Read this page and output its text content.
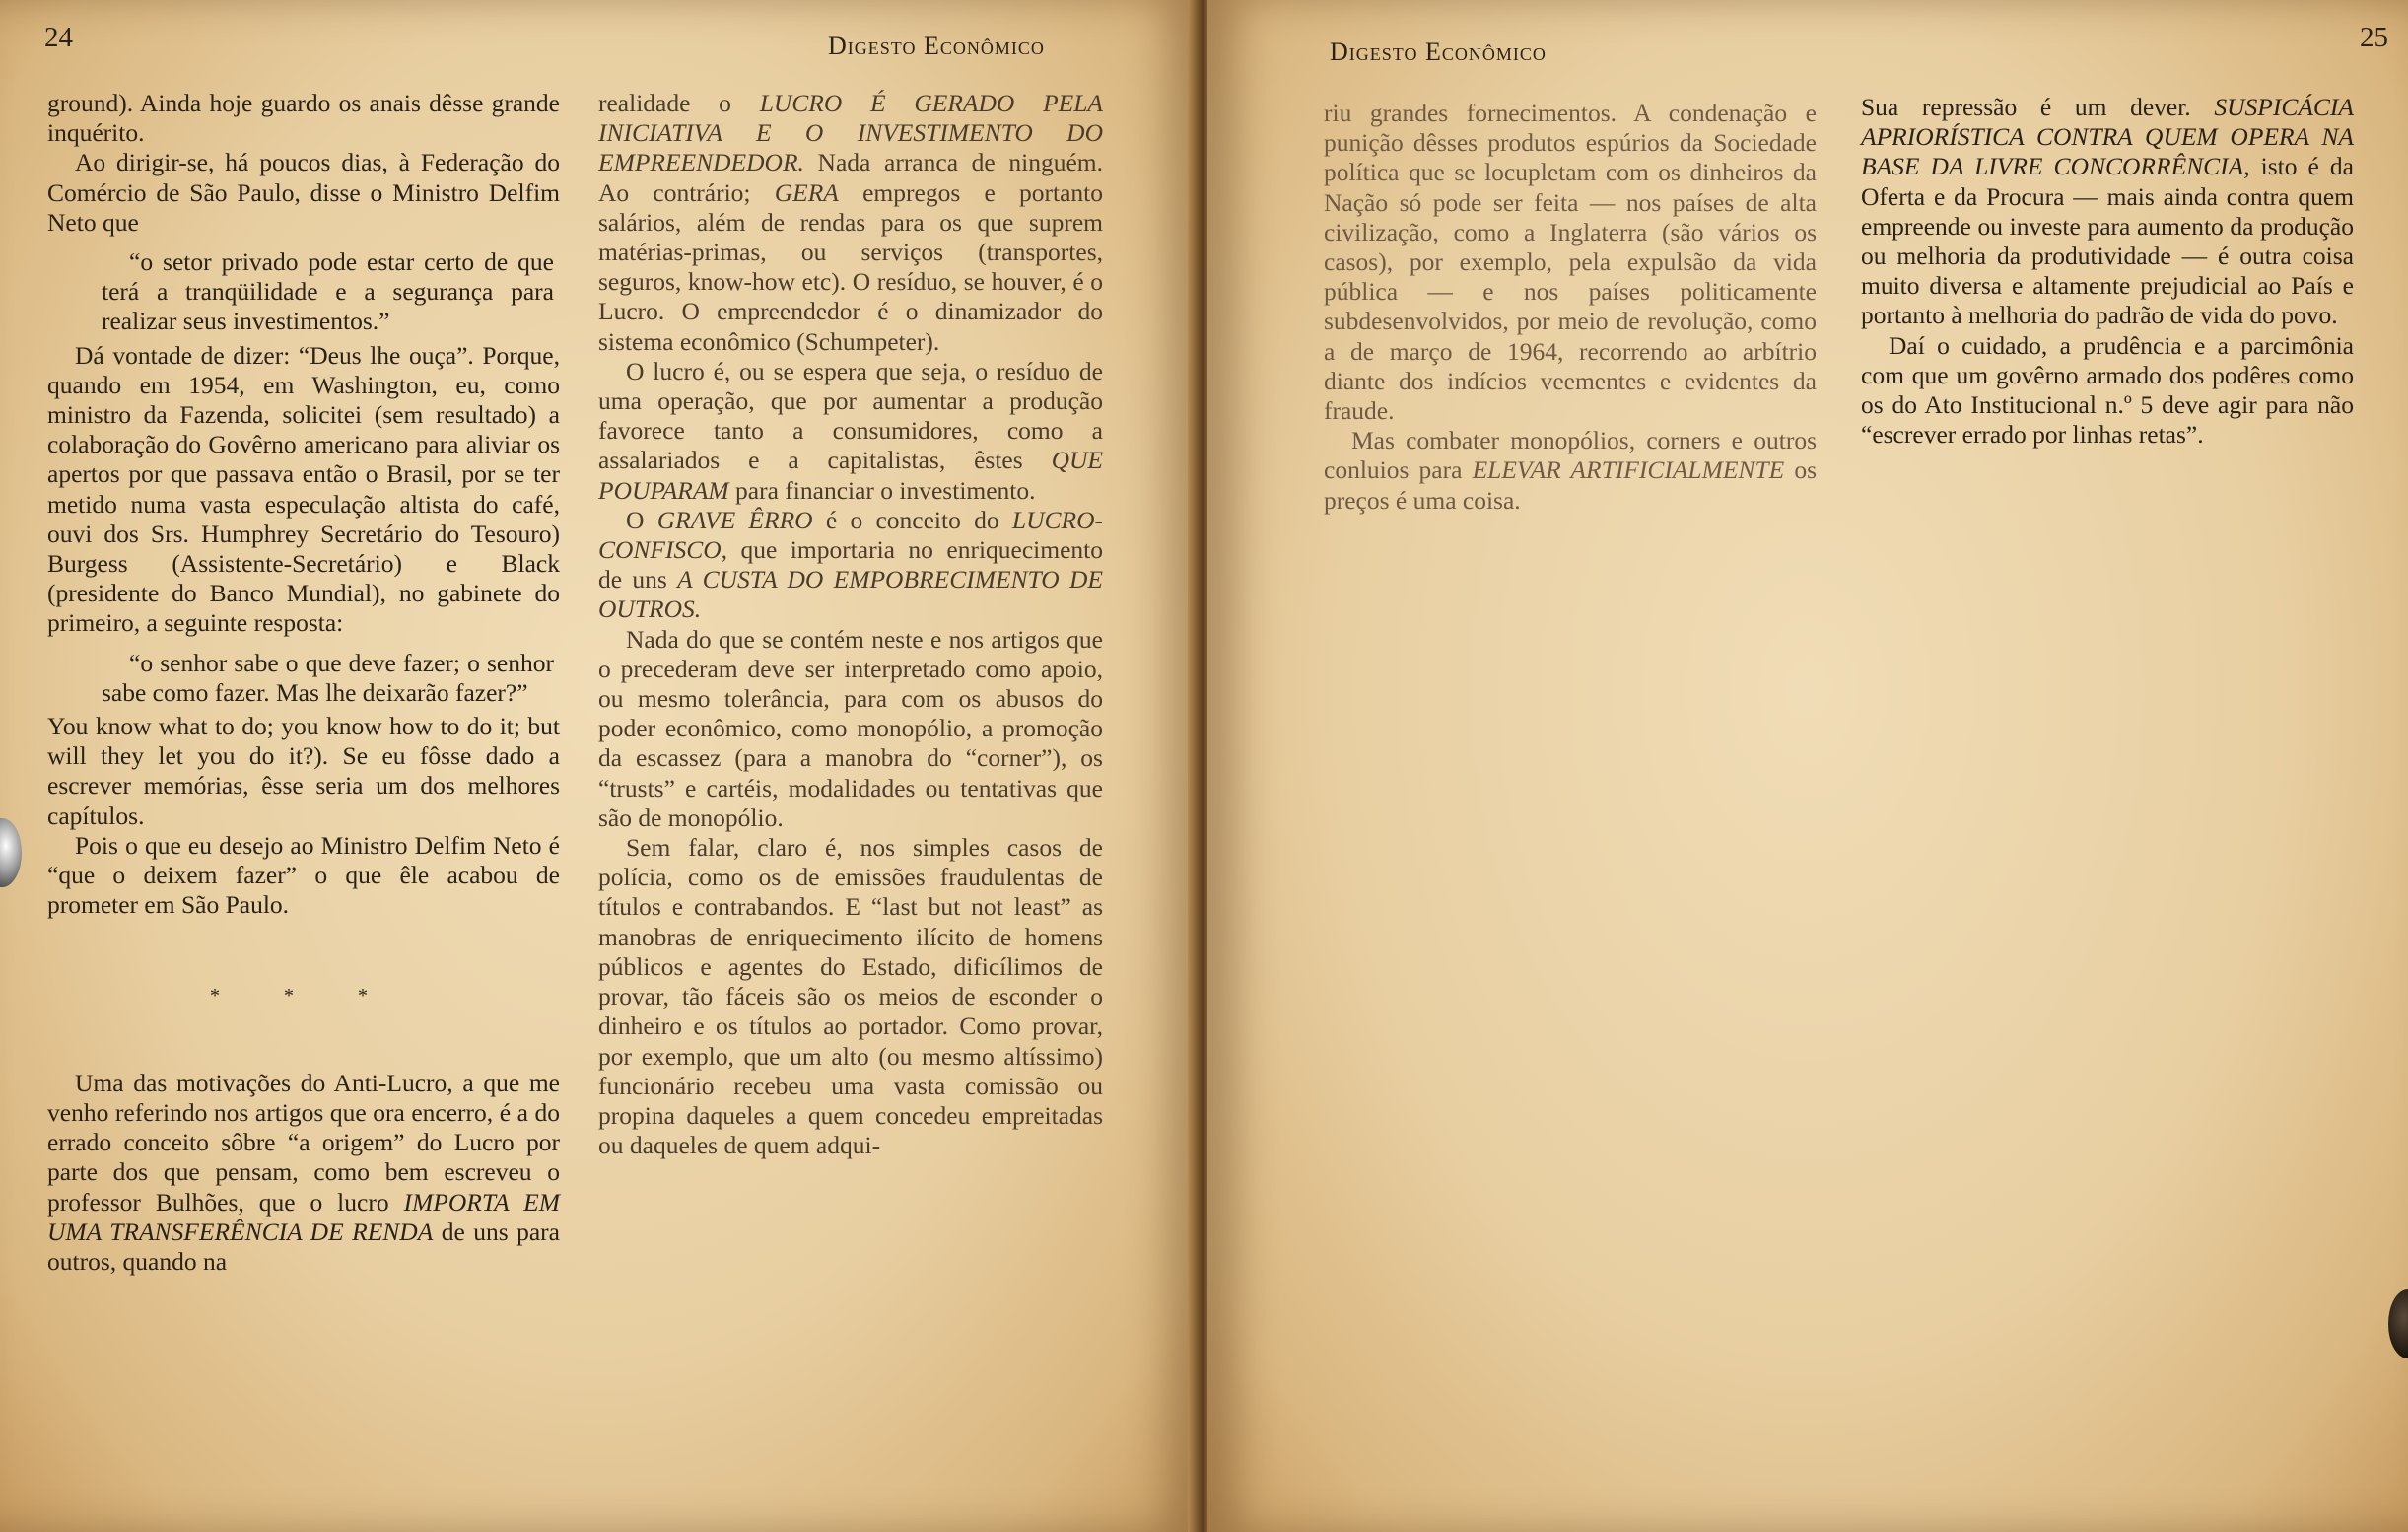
24	Digesto Econômico

ground). Ainda hoje guardo os anais dêsse grande inquérito.

Ao dirigir-se, há poucos dias, à Federação do Comércio de São Paulo, disse o Ministro Delfim Neto que

“o setor privado pode estar certo de que terá a tranqüilidade e a segurança para realizar seus investimentos.”

Dá vontade de dizer: “Deus lhe ouça”. Porque, quando em 1954, em Washington, eu, como ministro da Fazenda, solicitei (sem resultado) a colaboração do Govêrno americano para aliviar os apertos por que passava então o Brasil, por se ter metido numa vasta especulação altista do café, ouvi dos Srs. Humphrey Secretário do Tesouro) Burgess (Assistente-Secretário) e Black (presidente do Banco Mundial), no gabinete do primeiro, a seguinte resposta:

“o senhor sabe o que deve fazer; o senhor sabe como fazer. Mas lhe deixarão fazer?”

You know what to do; you know how to do it; but will they let you do it?). Se eu fôsse dado a escrever memórias, êsse seria um dos melhores capítulos.

Pois o que eu desejo ao Ministro Delfim Neto é “que o deixem fazer” o que êle acabou de prometer em São Paulo.

* * *

Uma das motivações do Anti-Lucro, a que me venho referindo nos artigos que ora encerro, é a do errado conceito sôbre “a origem” do Lucro por parte dos que pensam, como bem escreveu o professor Bulhões, que o lucro IMPORTA EM UMA TRANSFERÊNCIA DE RENDA de uns para outros, quando na

realidade o LUCRO É GERADO PELA INICIATIVA E O INVESTIMENTO DO EMPREENDEDOR. Nada arranca de ninguém. Ao contrário; GERA empregos e portanto salários, além de rendas para os que suprem matérias-primas, ou serviços (transportes, seguros, know-how etc). O resíduo, se houver, é o Lucro. O empreendedor é o dinamizador do sistema econômico (Schumpeter).

O lucro é, ou se espera que seja, o resíduo de uma operação, que por aumentar a produção favorece tanto a consumidores, como a assalariados e a capitalistas, êstes QUE POUPARAM para financiar o investimento.

O GRAVE ÊRRO é o conceito do LUCRO-CONFISCO, que importaria no enriquecimento de uns A CUSTA DO EMPOBRECIMENTO DE OUTROS.

Nada do que se contém neste e nos artigos que o precederam deve ser interpretado como apoio, ou mesmo tolerância, para com os abusos do poder econômico, como monopólio, a promoção da escassez (para a manobra do “corner”), os “trusts” e cartéis, modalidades ou tentativas que são de monopólio.

Sem falar, claro é, nos simples casos de polícia, como os de emissões fraudulentas de títulos e contrabandos. E “last but not least” as manobras de enriquecimento ilícito de homens públicos e agentes do Estado, dificílimos de provar, tão fáceis são os meios de esconder o dinheiro e os títulos ao portador. Como provar, por exemplo, que um alto (ou mesmo altíssimo) funcionário recebeu uma vasta comissão ou propina daqueles a quem concedeu empreitadas ou daqueles de quem adqui-

25
Digesto Econômico

riu grandes fornecimentos. A condenação e punição dêsses produtos espúrios da Sociedade política que se locupletam com os dinheiros da Nação só pode ser feita — nos países de alta civilização, como a Inglaterra (são vários os casos), por exemplo, pela expulsão da vida pública — e nos países politicamente subdesenvolvidos, por meio de revolução, como a de março de 1964, recorrendo ao arbítrio diante dos indícios veementes e evidentes da fraude.

Mas combater monopólios, corners e outros conluios para ELEVAR ARTIFICIALMENTE os preços é uma coisa.

Sua repressão é um dever. SUSPICÁCIA APRIORÍSTICA CONTRA QUEM OPERA NA BASE DA LIVRE CONCORRÊNCIA, isto é da Oferta e da Procura — mais ainda contra quem empreende ou investe para aumento da produção ou melhoria da produtividade — é outra coisa muito diversa e altamente prejudicial ao País e portanto à melhoria do padrão de vida do povo.

Daí o cuidado, a prudência e a parcimônia com que um govêrno armado dos podêres como os do Ato Institucional n.º 5 deve agir para não “escrever errado por linhas retas”.
